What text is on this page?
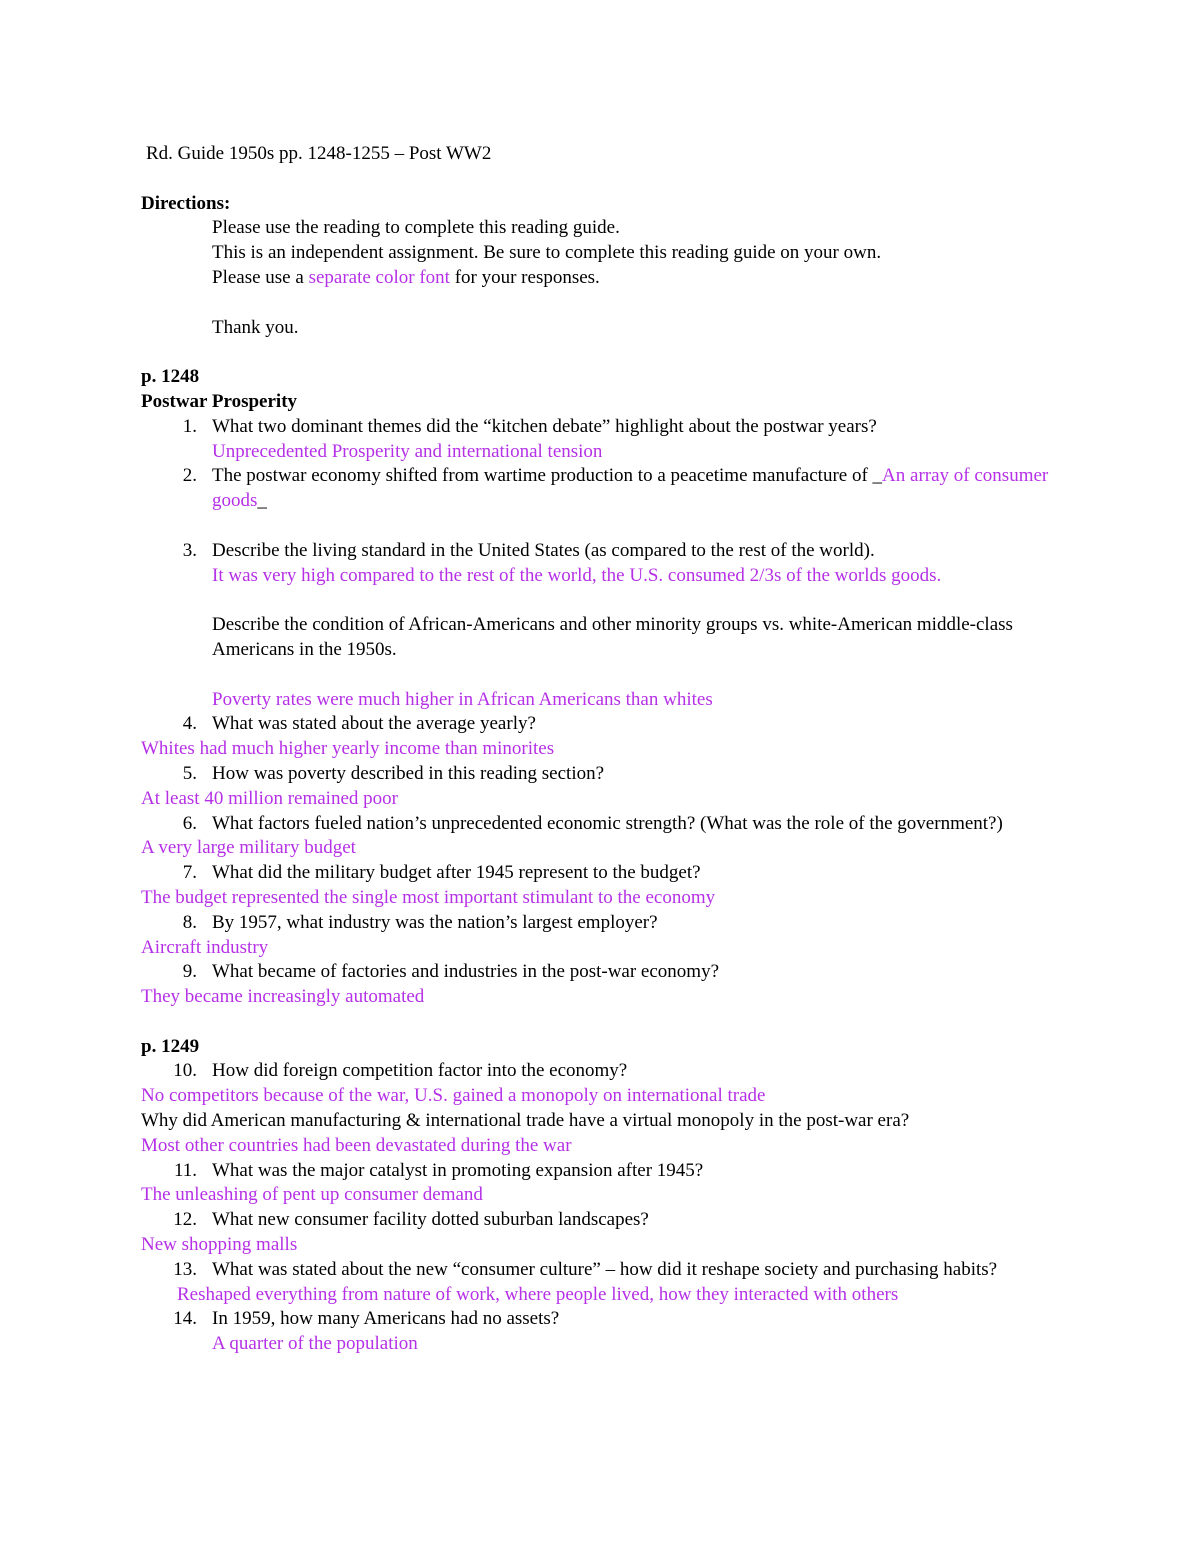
Rd. Guide 1950s pp. 1248-1255 – Post WW2
Directions:
Please use the reading to complete this reading guide.
This is an independent assignment. Be sure to complete this reading guide on your own.
Please use a separate color font for your responses.
Thank you.
p. 1248
Postwar Prosperity
1. What two dominant themes did the “kitchen debate” highlight about the postwar years?
Unprecedented Prosperity and international tension
2. The postwar economy shifted from wartime production to a peacetime manufacture of _An array of consumer goods_
3. Describe the living standard in the United States (as compared to the rest of the world).
It was very high compared to the rest of the world, the U.S. consumed 2/3s of the worlds goods.
Describe the condition of African-Americans and other minority groups vs. white-American middle-class Americans in the 1950s.
Poverty rates were much higher in African Americans than whites
4. What was stated about the average yearly?
Whites had much higher yearly income than minorites
5. How was poverty described in this reading section?
At least 40 million remained poor
6. What factors fueled nation’s unprecedented economic strength? (What was the role of the government?)
A very large military budget
7. What did the military budget after 1945 represent to the budget?
The budget represented the single most important stimulant to the economy
8. By 1957, what industry was the nation’s largest employer?
Aircraft industry
9. What became of factories and industries in the post-war economy?
They became increasingly automated
p. 1249
10. How did foreign competition factor into the economy?
No competitors because of the war, U.S. gained a monopoly on international trade
Why did American manufacturing & international trade have a virtual monopoly in the post-war era?
Most other countries had been devastated during the war
11. What was the major catalyst in promoting expansion after 1945?
The unleashing of pent up consumer demand
12. What new consumer facility dotted suburban landscapes?
New shopping malls
13. What was stated about the new “consumer culture” – how did it reshape society and purchasing habits?
Reshaped everything from nature of work, where people lived, how they interacted with others
14. In 1959, how many Americans had no assets?
A quarter of the population
